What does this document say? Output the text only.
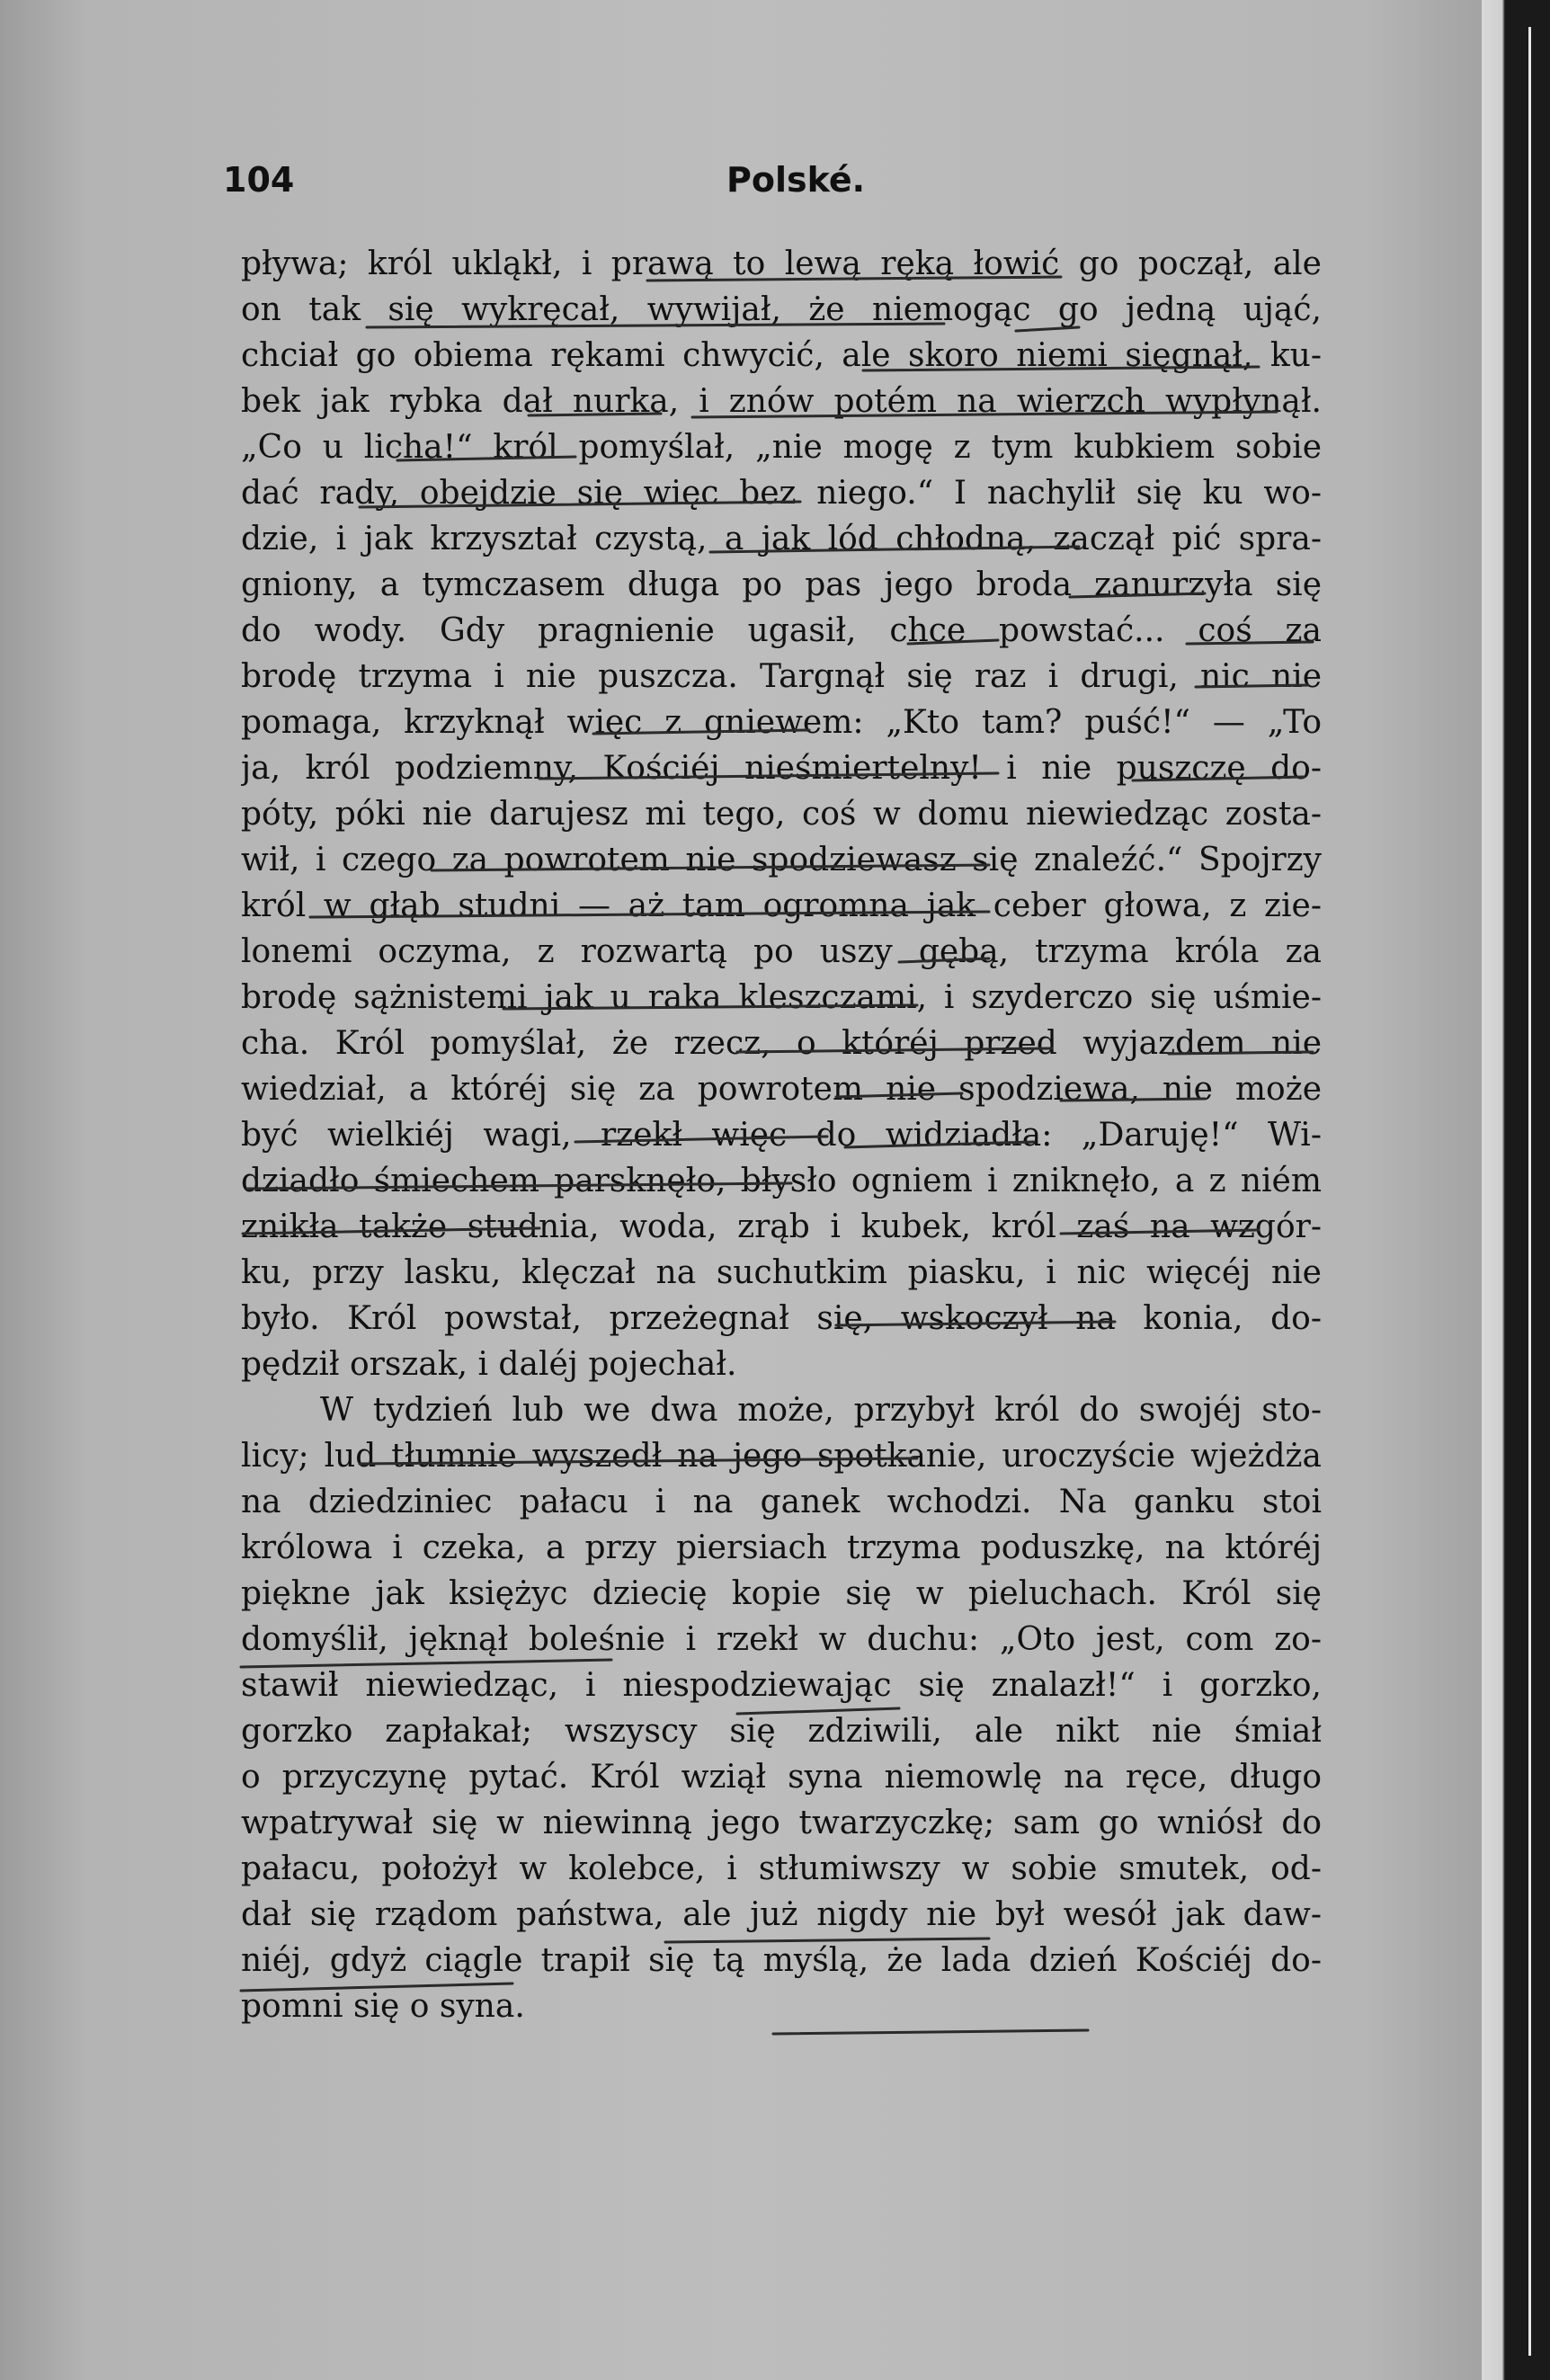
104	Polské.
pływa; król ukląkł, i prawą to lewą ręką łowić go począł, ale
on tak się wykręcał, wywijał, że niemogąc go jedną ująć,
chciał go obiema rękami chwycić, ale skoro niemi sięgnął, ku-
bek jak rybka dał nurka, i znów potém na wierzch wypłynął.
„Co u licha!“ król pomyślał, „nie mogę z tym kubkiem sobie
dać rady, obejdzie się więc bez niego.“ I nachylił się ku wo-
dzie, i jak krzyształ czystą, a jak lód chłodną, zaczął pić spra-
gniony, a tymczasem długa po pas jego broda zanurzyła się
do wody. Gdy pragnienie ugasił, chce powstać... coś za
brodę trzyma i nie puszcza. Targnął się raz i drugi, nic nie
pomaga, krzyknął więc z gniewem: „Kto tam? puść!“ — „To
ja, król podziemny, Kościéj nieśmiertelny! i nie puszczę do-
póty, póki nie darujesz mi tego, coś w domu niewiedząc zosta-
wił, i czego za powrotem nie spodziewasz się znaleźć.“ Spojrzy
król w głąb studni — aż tam ogromna jak ceber głowa, z zie-
lonemi oczyma, z rozwartą po uszy gębą, trzyma króla za
brodę sążnistemi jak u raka kleszczami, i szyderczo się uśmie-
cha. Król pomyślał, że rzecz, o któréj przed wyjazdem nie
wiedział, a któréj się za powrotem nie spodziewa, nie może
być wielkiéj wagi, rzekł więc do widziadła: „Daruję!“ Wi-
dziadło śmiechem parsknęło, błysło ogniem i zniknęło, a z niém
znikła także studnia, woda, zrąb i kubek, król zaś na wzgór-
ku, przy lasku, klęczał na suchutkim piasku, i nic więcéj nie
było. Król powstał, przeżegnał się, wskoczył na konia, do-
pędził orszak, i daléj pojechał.
W tydzień lub we dwa może, przybył król do swojéj sto-
licy; lud tłumnie wyszedł na jego spotkanie, uroczyście wjeżdża
na dziedziniec pałacu i na ganek wchodzi. Na ganku stoi
królowa i czeka, a przy piersiach trzyma poduszkę, na któréj
piękne jak księżyc dziecię kopie się w pieluchach. Król się
domyślił, jęknął boleśnie i rzekł w duchu: „Oto jest, com zo-
stawił niewiedząc, i niespodziewając się znalazł!“ i gorzko,
gorzko zapłakał; wszyscy się zdziwili, ale nikt nie śmiał
o przyczynę pytać. Król wziął syna niemowlę na ręce, długo
wpatrywał się w niewinną jego twarzyczkę; sam go wniósł do
pałacu, położył w kolebce, i stłumiwszy w sobie smutek, od-
dał się rządom państwa, ale już nigdy nie był wesół jak daw-
niéj, gdyż ciągle trapił się tą myślą, że lada dzień Kościéj do-
pomni się o syna.
